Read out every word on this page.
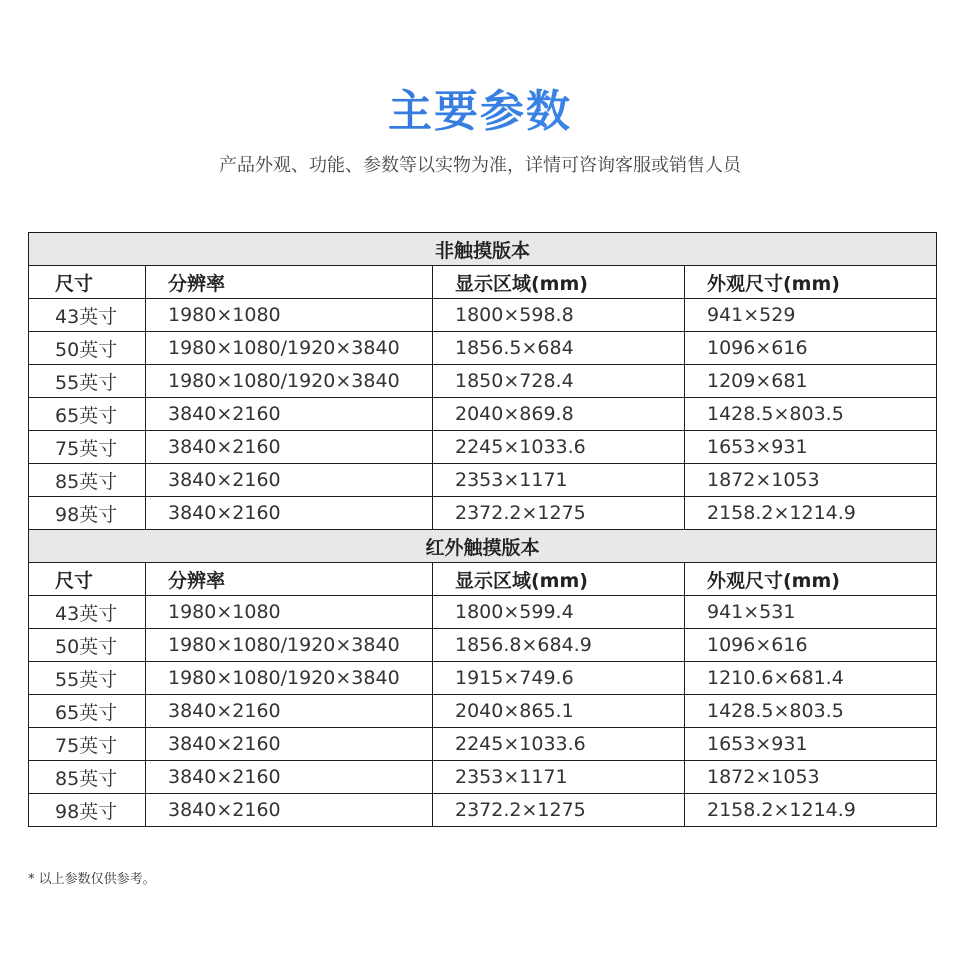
主要参数
产品外观、功能、参数等以实物为准，详情可咨询客服或销售人员
非触摸版本			
尺寸	分辨率	显示区域(mm)	外观尺寸(mm)
43英寸	1980×1080	1800×598.8	941×529
50英寸	1980×1080/1920×3840	1856.5×684	1096×616
55英寸	1980×1080/1920×3840	1850×728.4	1209×681
65英寸	3840×2160	2040×869.8	1428.5×803.5
75英寸	3840×2160	2245×1033.6	1653×931
85英寸	3840×2160	2353×1171	1872×1053
98英寸	3840×2160	2372.2×1275	2158.2×1214.9
红外触摸版本			
尺寸	分辨率	显示区域(mm)	外观尺寸(mm)
43英寸	1980×1080	1800×599.4	941×531
50英寸	1980×1080/1920×3840	1856.8×684.9	1096×616
55英寸	1980×1080/1920×3840	1915×749.6	1210.6×681.4
65英寸	3840×2160	2040×865.1	1428.5×803.5
75英寸	3840×2160	2245×1033.6	1653×931
85英寸	3840×2160	2353×1171	1872×1053
98英寸	3840×2160	2372.2×1275	2158.2×1214.9
* 以上参数仅供参考。
